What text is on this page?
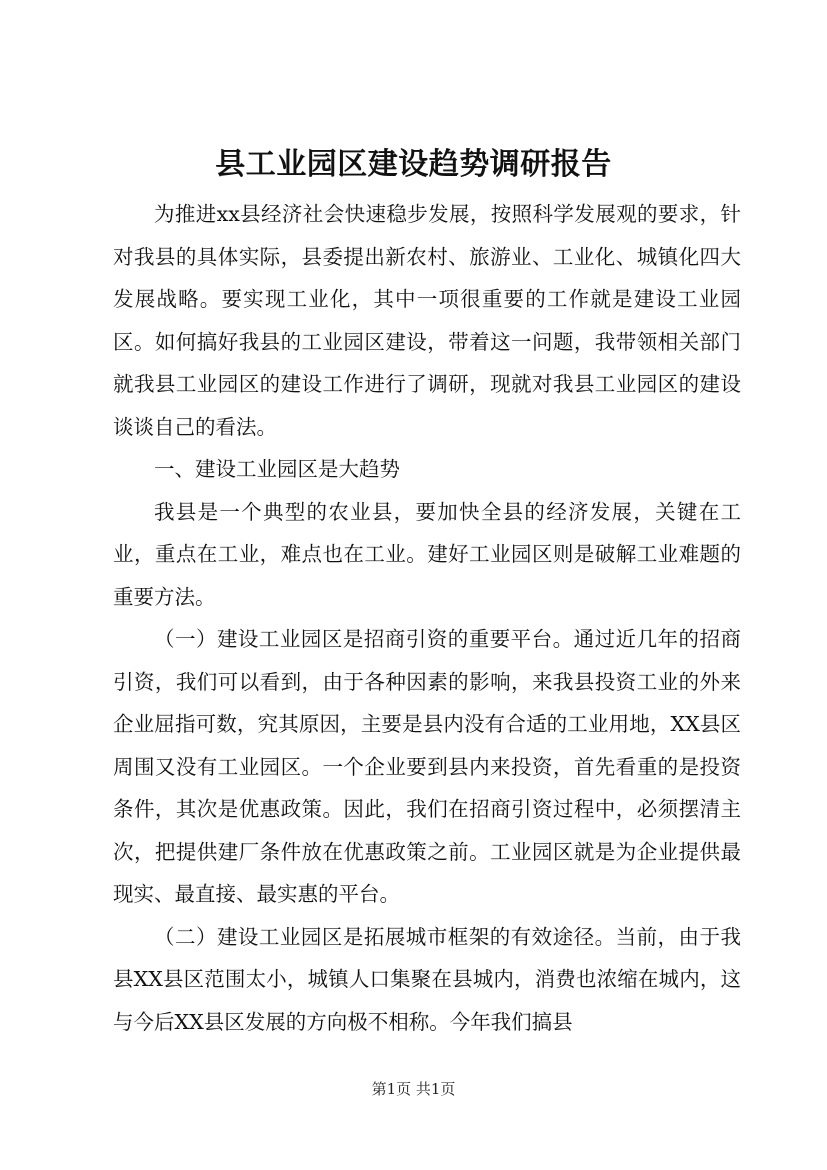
县工业园区建设趋势调研报告

为推进xx县经济社会快速稳步发展，按照科学发展观的要求，针对我县的具体实际，县委提出新农村、旅游业、工业化、城镇化四大发展战略。要实现工业化，其中一项很重要的工作就是建设工业园区。如何搞好我县的工业园区建设，带着这一问题，我带领相关部门就我县工业园区的建设工作进行了调研，现就对我县工业园区的建设谈谈自己的看法。

一、建设工业园区是大趋势

我县是一个典型的农业县，要加快全县的经济发展，关键在工业，重点在工业，难点也在工业。建好工业园区则是破解工业难题的重要方法。

（一）建设工业园区是招商引资的重要平台。通过近几年的招商引资，我们可以看到，由于各种因素的影响，来我县投资工业的外来企业屈指可数，究其原因，主要是县内没有合适的工业用地，XX县区周围又没有工业园区。一个企业要到县内来投资，首先看重的是投资条件，其次是优惠政策。因此，我们在招商引资过程中，必须摆清主次，把提供建厂条件放在优惠政策之前。工业园区就是为企业提供最现实、最直接、最实惠的平台。

（二）建设工业园区是拓展城市框架的有效途径。当前，由于我县XX县区范围太小，城镇人口集聚在县城内，消费也浓缩在城内，这与今后XX县区发展的方向极不相称。今年我们搞县

第1页 共1页
